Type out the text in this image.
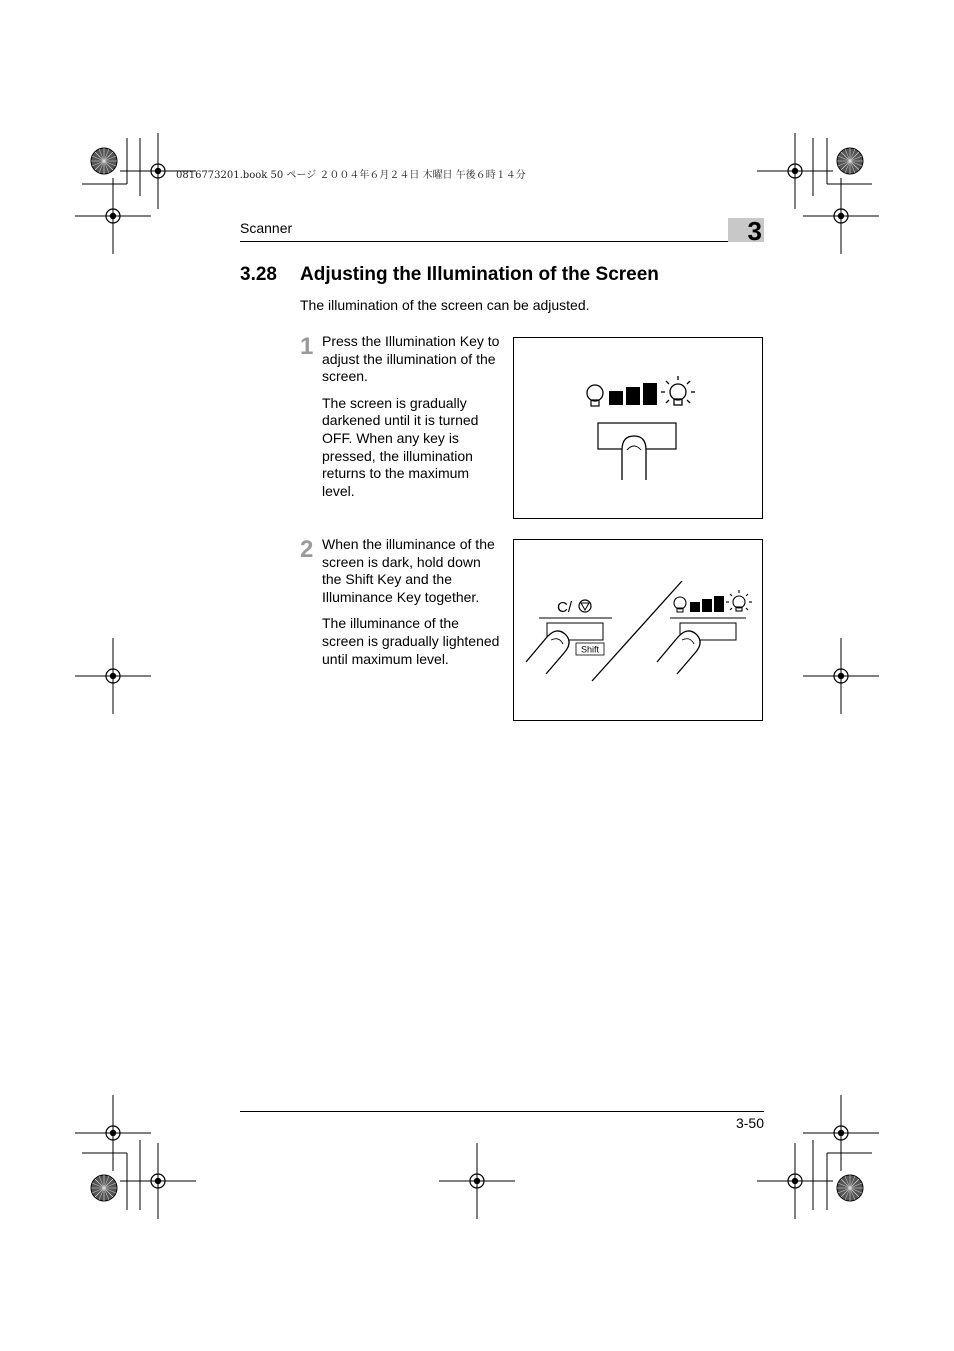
0816773201.book 50 ページ ２００４年６月２４日 木曜日 午後６時１４分
Scanner	3
3.28 Adjusting the Illumination of the Screen
The illumination of the screen can be adjusted.
1 Press the Illumination Key to adjust the illumination of the screen.

The screen is gradually darkened until it is turned OFF. When any key is pressed, the illumination returns to the maximum level.

2 When the illuminance of the screen is dark, hold down the Shift Key and the Illuminance Key together.

The illuminance of the screen is gradually lightened until maximum level.

C/
Shift
3-50
